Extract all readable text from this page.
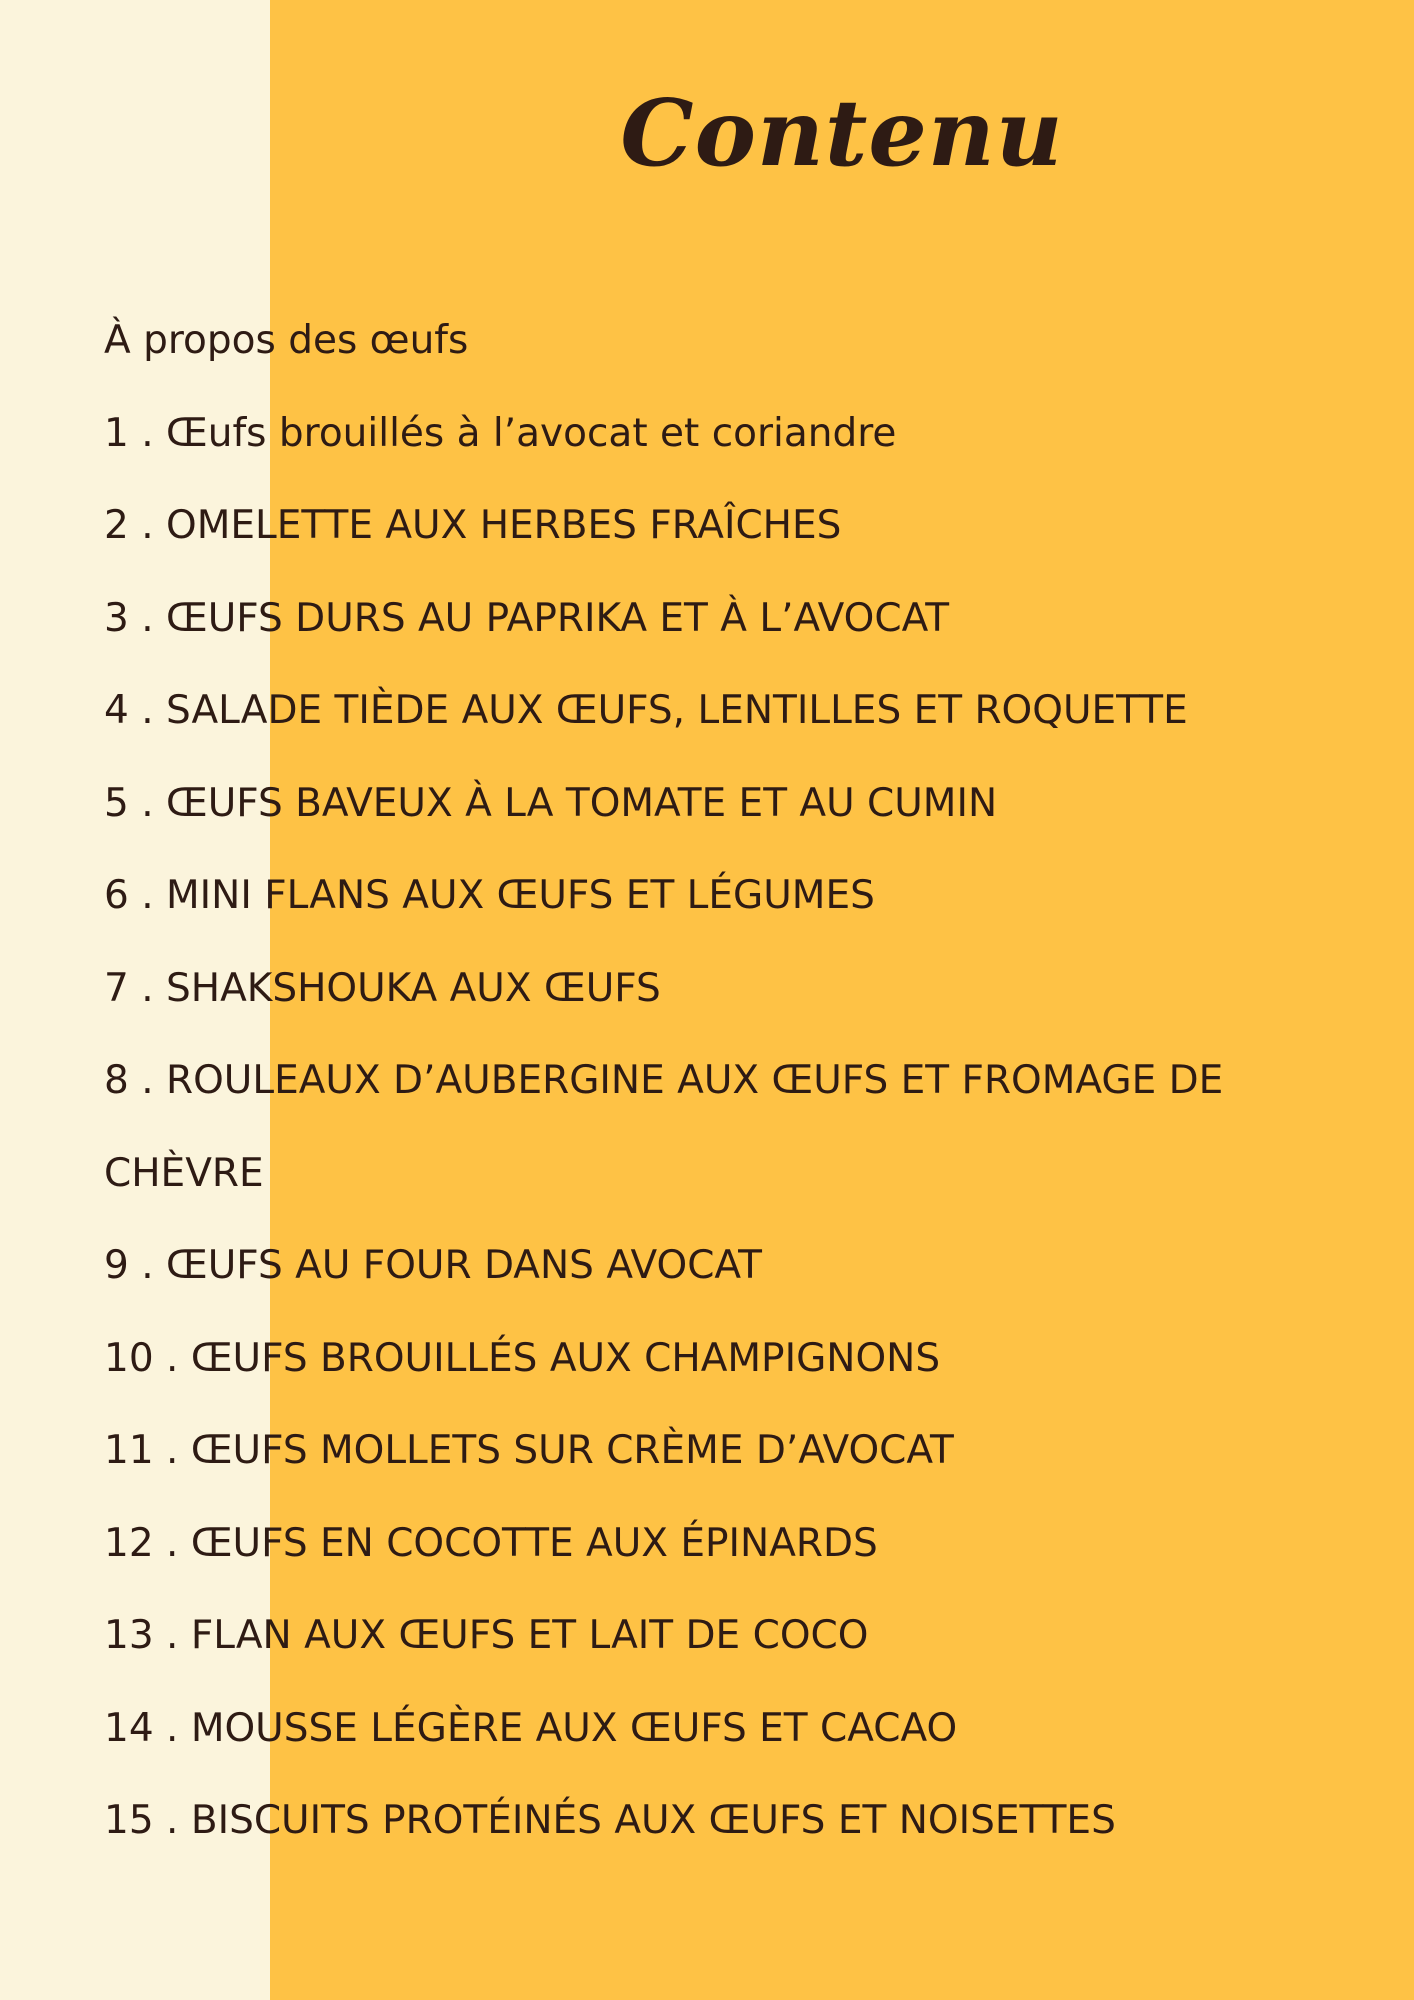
Contenu
À propos des œufs
1 . Œufs brouillés à l’avocat et coriandre
2 . OMELETTE AUX HERBES FRAÎCHES
3 . ŒUFS DURS AU PAPRIKA ET À L’AVOCAT
4 . SALADE TIÈDE AUX ŒUFS, LENTILLES ET ROQUETTE
5 . ŒUFS BAVEUX À LA TOMATE ET AU CUMIN
6 . MINI FLANS AUX ŒUFS ET LÉGUMES
7 . SHAKSHOUKA AUX ŒUFS
8 . ROULEAUX D’AUBERGINE AUX ŒUFS ET FROMAGE DE CHÈVRE
9 . ŒUFS AU FOUR DANS AVOCAT
10 . ŒUFS BROUILLÉS AUX CHAMPIGNONS
11 . ŒUFS MOLLETS SUR CRÈME D’AVOCAT
12 . ŒUFS EN COCOTTE AUX ÉPINARDS
13 . FLAN AUX ŒUFS ET LAIT DE COCO
14 . MOUSSE LÉGÈRE AUX ŒUFS ET CACAO
15 . BISCUITS PROTÉINÉS AUX ŒUFS ET NOISETTES
